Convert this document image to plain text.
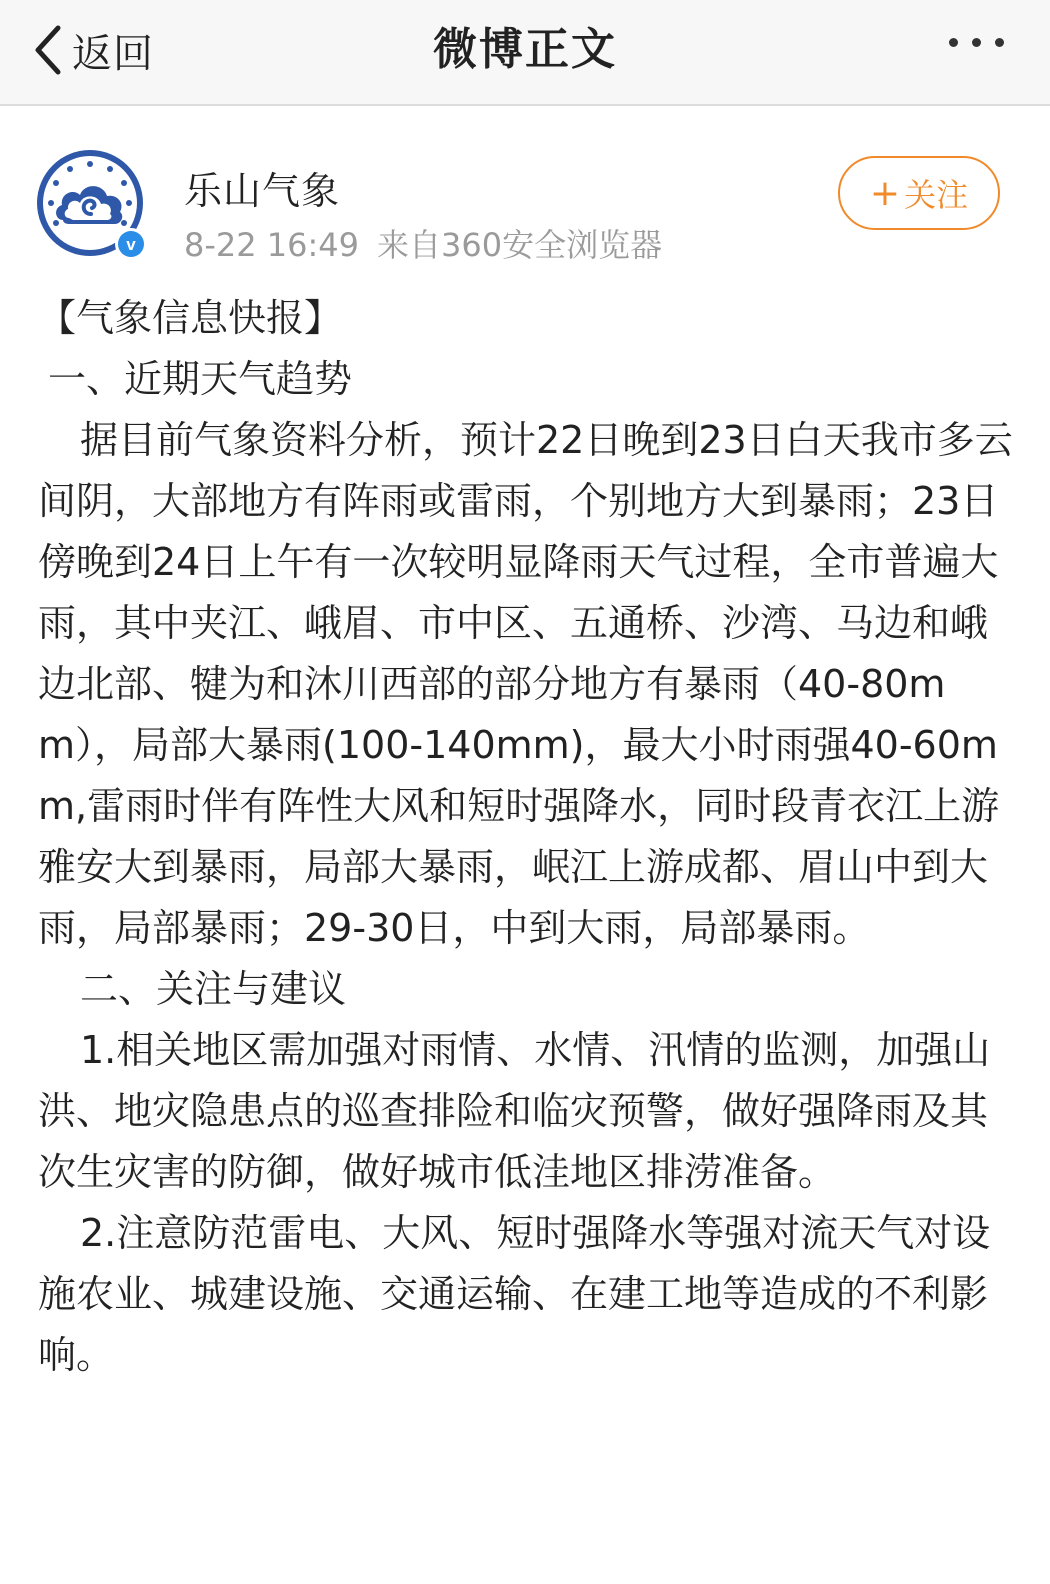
返回	微博正文
v
乐山气象
8-22 16:49 来自360安全浏览器
+ 关注

【气象信息快报】

一、近期天气趋势

据目前气象资料分析，预计22日晚到23日白天我市多云间阴，大部地方有阵雨或雷雨，个别地方大到暴雨；23日傍晚到24日上午有一次较明显降雨天气过程，全市普遍大雨，其中夹江、峨眉、市中区、五通桥、沙湾、马边和峨边北部、犍为和沐川西部的部分地方有暴雨（40-80mm），局部大暴雨(100-140mm)，最大小时雨强40-60mm,雷雨时伴有阵性大风和短时强降水，同时段青衣江上游雅安大到暴雨，局部大暴雨，岷江上游成都、眉山中到大雨，局部暴雨；29-30日，中到大雨，局部暴雨。

二、关注与建议

1.相关地区需加强对雨情、水情、汛情的监测，加强山洪、地灾隐患点的巡查排险和临灾预警，做好强降雨及其次生灾害的防御，做好城市低洼地区排涝准备。

2.注意防范雷电、大风、短时强降水等强对流天气对设施农业、城建设施、交通运输、在建工地等造成的不利影响。
